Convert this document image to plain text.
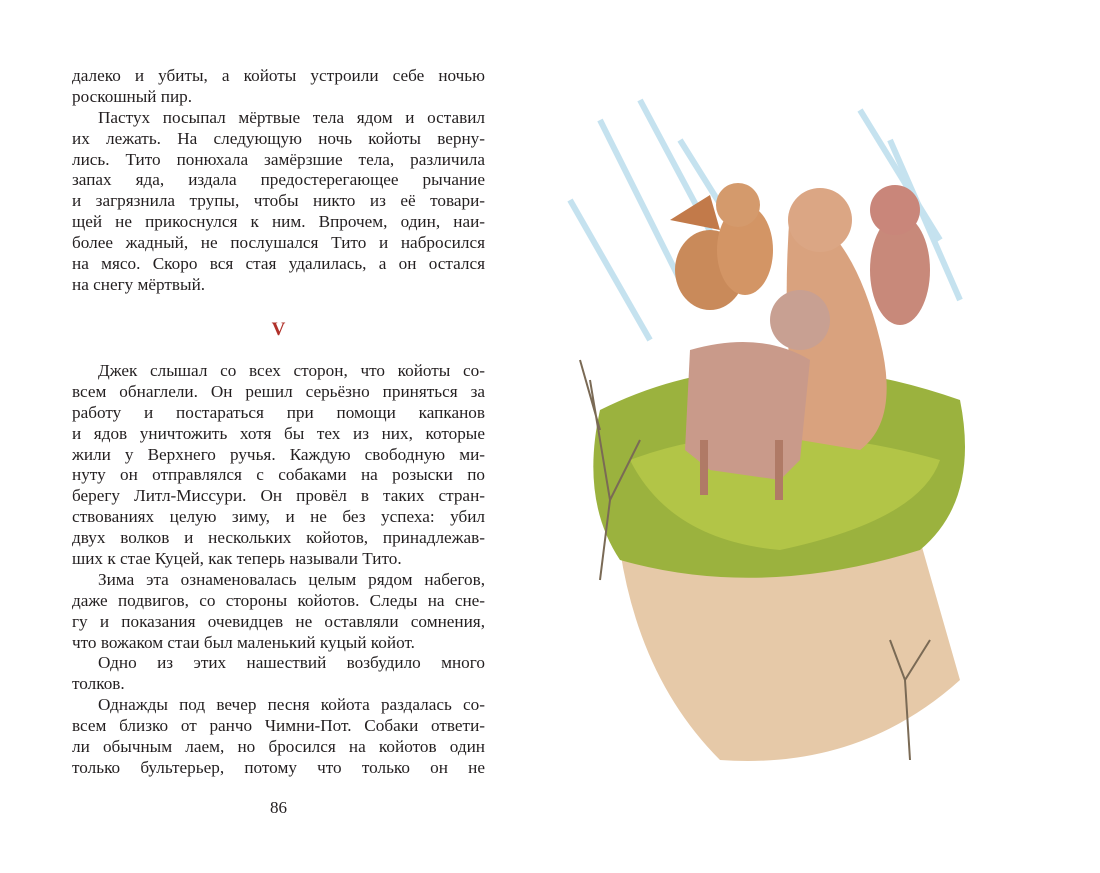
далеко и убиты, а койоты устроили себе ночью
роскошный пир.
Пастух посыпал мёртвые тела ядом и оставил
их лежать. На следующую ночь койоты верну-
лись. Тито понюхала замёрзшие тела, различила
запах яда, издала предостерегающее рычание
и загрязнила трупы, чтобы никто из её товари-
щей не прикоснулся к ним. Впрочем, один, наи-
более жадный, не послушался Тито и набросился
на мясо. Скоро вся стая удалилась, а он остался
на снегу мёртвый.
V
Джек слышал со всех сторон, что койоты со-
всем обнаглели. Он решил серьёзно приняться за
работу и постараться при помощи капканов
и ядов уничтожить хотя бы тех из них, которые
жили у Верхнего ручья. Каждую свободную ми-
нуту он отправлялся с собаками на розыски по
берегу Литл-Миссури. Он провёл в таких стран-
ствованиях целую зиму, и не без успеха: убил
двух волков и нескольких койотов, принадлежав-
ших к стае Куцей, как теперь называли Тито.
Зима эта ознаменовалась целым рядом набегов,
даже подвигов, со стороны койотов. Следы на сне-
гу и показания очевидцев не оставляли сомнения,
что вожаком стаи был маленький куцый койот.
Одно из этих нашествий возбудило много
толков.
Однажды под вечер песня койота раздалась со-
всем близко от ранчо Чимни-Пот. Собаки ответи-
ли обычным лаем, но бросился на койотов один
только бультерьер, потому что только он не
86
